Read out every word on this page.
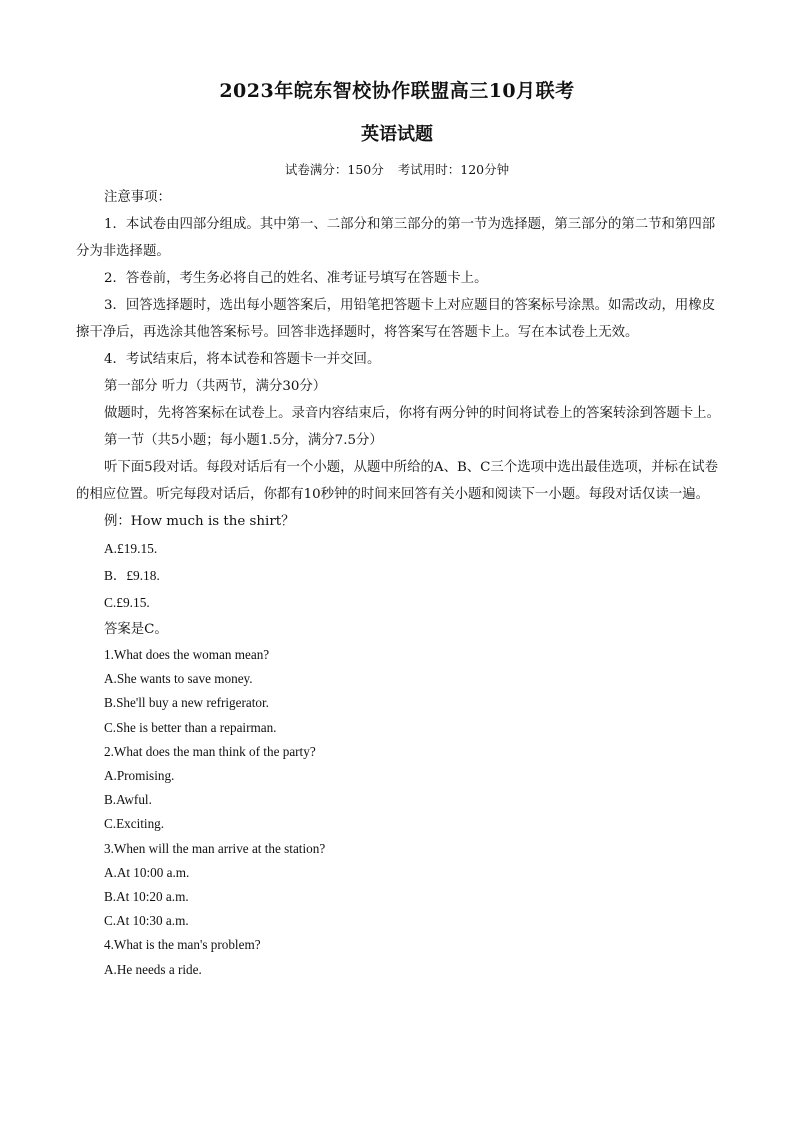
2023年皖东智校协作联盟高三10月联考
英语试题
试卷满分：150分 考试用时：120分钟

注意事项：

1．本试卷由四部分组成。其中第一、二部分和第三部分的第一节为选择题，第三部分的第二节和第四部分为非选择题。

2．答卷前，考生务必将自己的姓名、准考证号填写在答题卡上。

3．回答选择题时，选出每小题答案后，用铅笔把答题卡上对应题目的答案标号涂黑。如需改动，用橡皮擦干净后，再选涂其他答案标号。回答非选择题时，将答案写在答题卡上。写在本试卷上无效。

4．考试结束后，将本试卷和答题卡一并交回。

第一部分 听力（共两节，满分30分）

做题时，先将答案标在试卷上。录音内容结束后，你将有两分钟的时间将试卷上的答案转涂到答题卡上。

第一节（共5小题；每小题1.5分，满分7.5分）

听下面5段对话。每段对话后有一个小题，从题中所给的A、B、C三个选项中选出最佳选项，并标在试卷的相应位置。听完每段对话后，你都有10秒钟的时间来回答有关小题和阅读下一小题。每段对话仅读一遍。

例：How much is the shirt？

A.£19.15.

B．£9.18.

C.£9.15.

答案是C。

1.What does the woman mean?

A.She wants to save money.

B.She'll buy a new refrigerator.

C.She is better than a repairman.

2.What does the man think of the party?

A.Promising.

B.Awful.

C.Exciting.

3.When will the man arrive at the station?

A.At 10:00 a.m.

B.At 10:20 a.m.

C.At 10:30 a.m.

4.What is the man's problem?

A.He needs a ride.
